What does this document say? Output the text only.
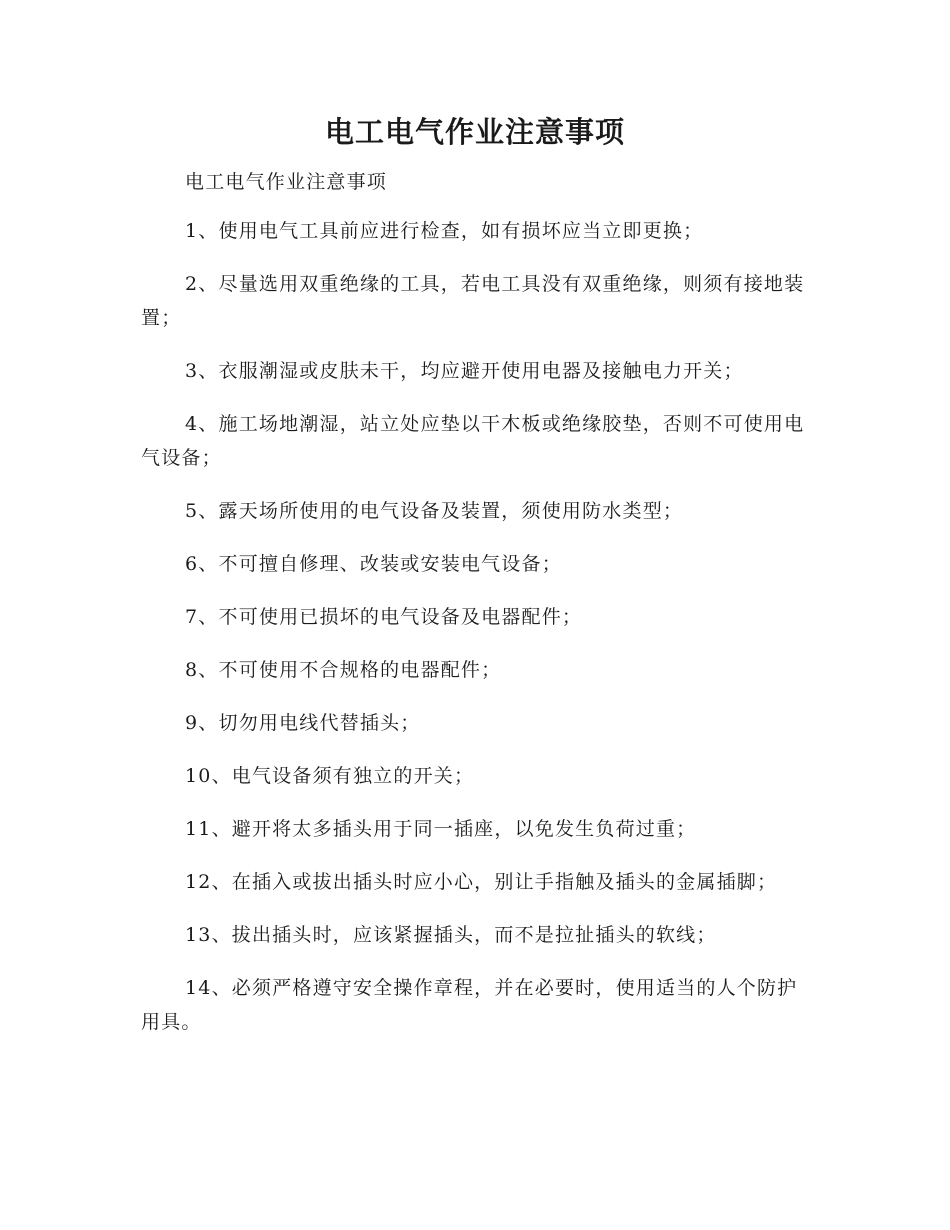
电工电气作业注意事项

电工电气作业注意事项

1、使用电气工具前应进行检查，如有损坏应当立即更换；

2、尽量选用双重绝缘的工具，若电工具没有双重绝缘，则须有接地装置；

3、衣服潮湿或皮肤未干，均应避开使用电器及接触电力开关；

4、施工场地潮湿，站立处应垫以干木板或绝缘胶垫，否则不可使用电气设备；

5、露天场所使用的电气设备及装置，须使用防水类型；

6、不可擅自修理、改装或安装电气设备；

7、不可使用已损坏的电气设备及电器配件；

8、不可使用不合规格的电器配件；

9、切勿用电线代替插头；

10、电气设备须有独立的开关；

11、避开将太多插头用于同一插座，以免发生负荷过重；

12、在插入或拔出插头时应小心，别让手指触及插头的金属插脚；

13、拔出插头时，应该紧握插头，而不是拉扯插头的软线；

14、必须严格遵守安全操作章程，并在必要时，使用适当的人个防护用具。
